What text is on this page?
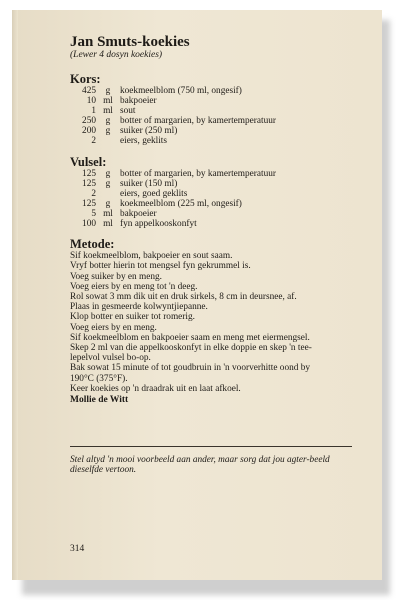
Jan Smuts-koekies

(Lewer 4 dosyn koekies)

Kors:
425	g	koekmeelblom (750 ml, ongesif)
10 ml bakpoeier
1 ml sout
250	g	botter of margarien, by kamertemperatuur
200	g	suiker (250 ml)
2	eiers, geklits
Vulsel:
125	g	botter of margarien, by kamertemperatuur
125	g	suiker (150 ml)
2	eiers, goed geklits
125	g	koekmeelblom (225 ml, ongesif)
5 ml bakpoeier
100 ml fyn appelkooskonfyt
Metode:
Sif koekmeelblom, bakpoeier en sout saam.
Vryf botter hierin tot mengsel fyn gekrummel is.
Voeg suiker by en meng.
Voeg eiers by en meng tot 'n deeg.
Rol sowat 3 mm dik uit en druk sirkels, 8 cm in deursnee, af.
Plaas in gesmeerde kolwyntjiepanne.
Klop botter en suiker tot romerig.
Voeg eiers by en meng.
Sif koekmeelblom en bakpoeier saam en meng met eiermengsel.
Skep 2 ml van die appelkooskonfyt in elke doppie en skep 'n tee-
lepelvol vulsel bo-op.
Bak sowat 15 minute of tot goudbruin in 'n voorverhitte oond by
190°C (375°F).
Keer koekies op 'n draadrak uit en laat afkoel.
Mollie de Witt
Stel altyd 'n mooi voorbeeld aan ander, maar sorg dat jou agter-beeld dieselfde vertoon.
314
